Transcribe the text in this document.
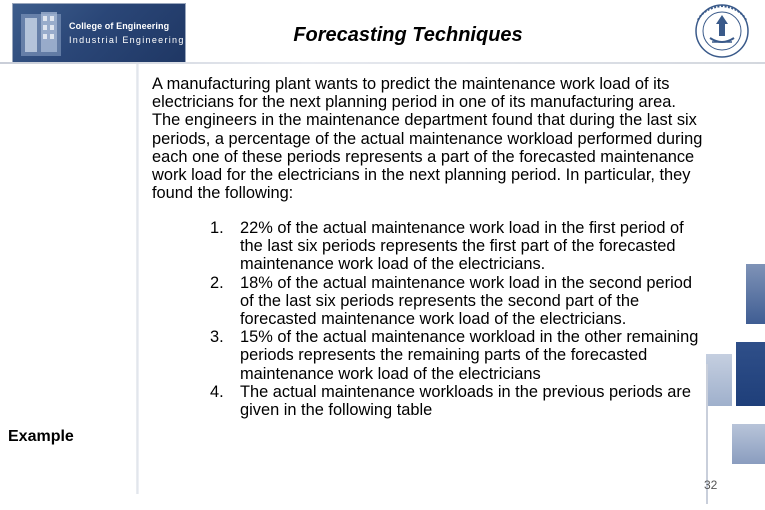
College of Engineering
Industrial Engineering	Forecasting Techniques
Example
A manufacturing plant wants to predict the maintenance work load of its electricians for the next planning period in one of its manufacturing area. The engineers in the maintenance department found that during the last six periods, a percentage of the actual maintenance workload performed during each one of these periods represents a part of the forecasted maintenance work load for the electricians in the next planning period. In particular, they found the following:
1. 22% of the actual maintenance work load in the first period of the last six periods represents the first part of the forecasted maintenance work load of the electricians.
2. 18% of the actual maintenance work load in the second period of the last six periods represents the second part of the forecasted maintenance work load of the electricians.
3. 15% of the actual maintenance workload in the other remaining periods represents the remaining parts of the forecasted maintenance work load of the electricians
4. The actual maintenance workloads in the previous periods are given in the following table
32
